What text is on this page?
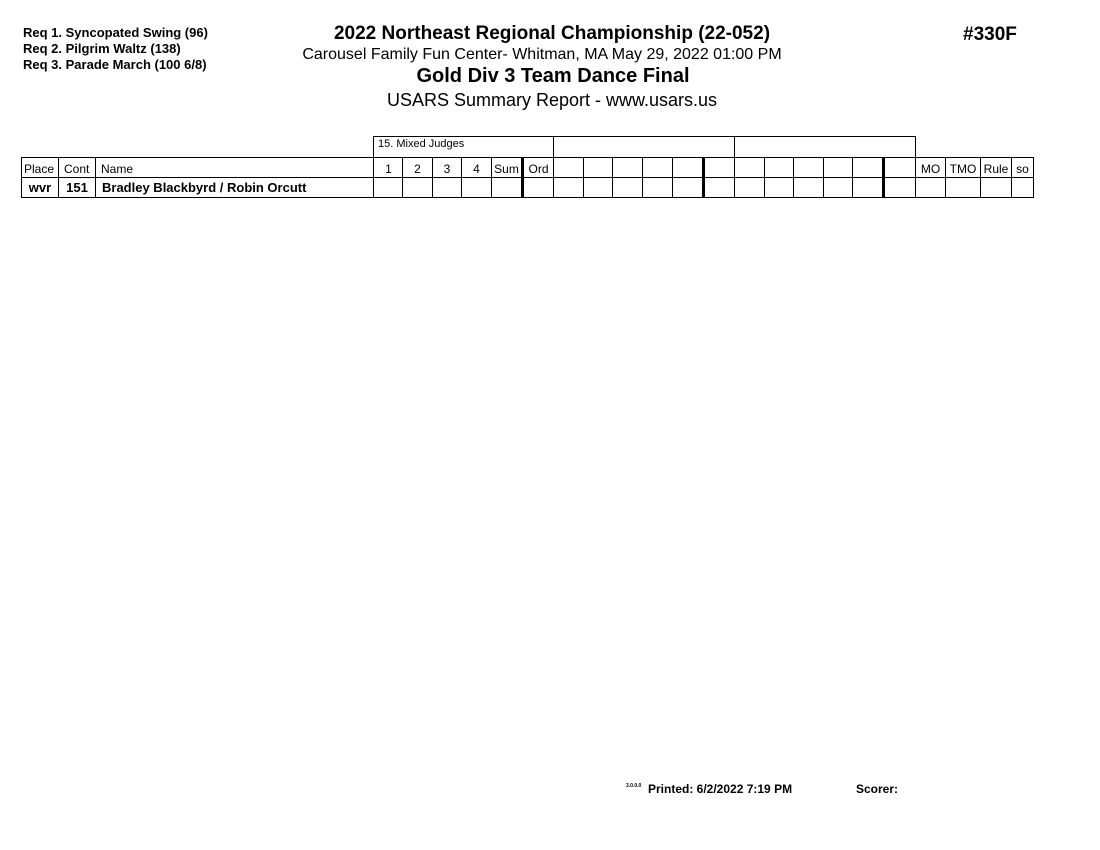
Req 1. Syncopated Swing (96)
Req 2. Pilgrim Waltz (138)
Req 3. Parade March (100 6/8)
2022 Northeast Regional Championship (22-052)
Carousel Family Fun Center- Whitman, MA May 29, 2022 01:00 PM
Gold Div 3 Team Dance Final
USARS Summary Report - www.usars.us
#330F
15. Mixed Judges
Place Cont Name	1	2	3	4	Sum Ord	MO TMO Rule so
wvr	151	Bradley Blackbyrd / Robin Orcutt
3.0.0.0 Printed: 6/2/2022 7:19 PM	Scorer:
